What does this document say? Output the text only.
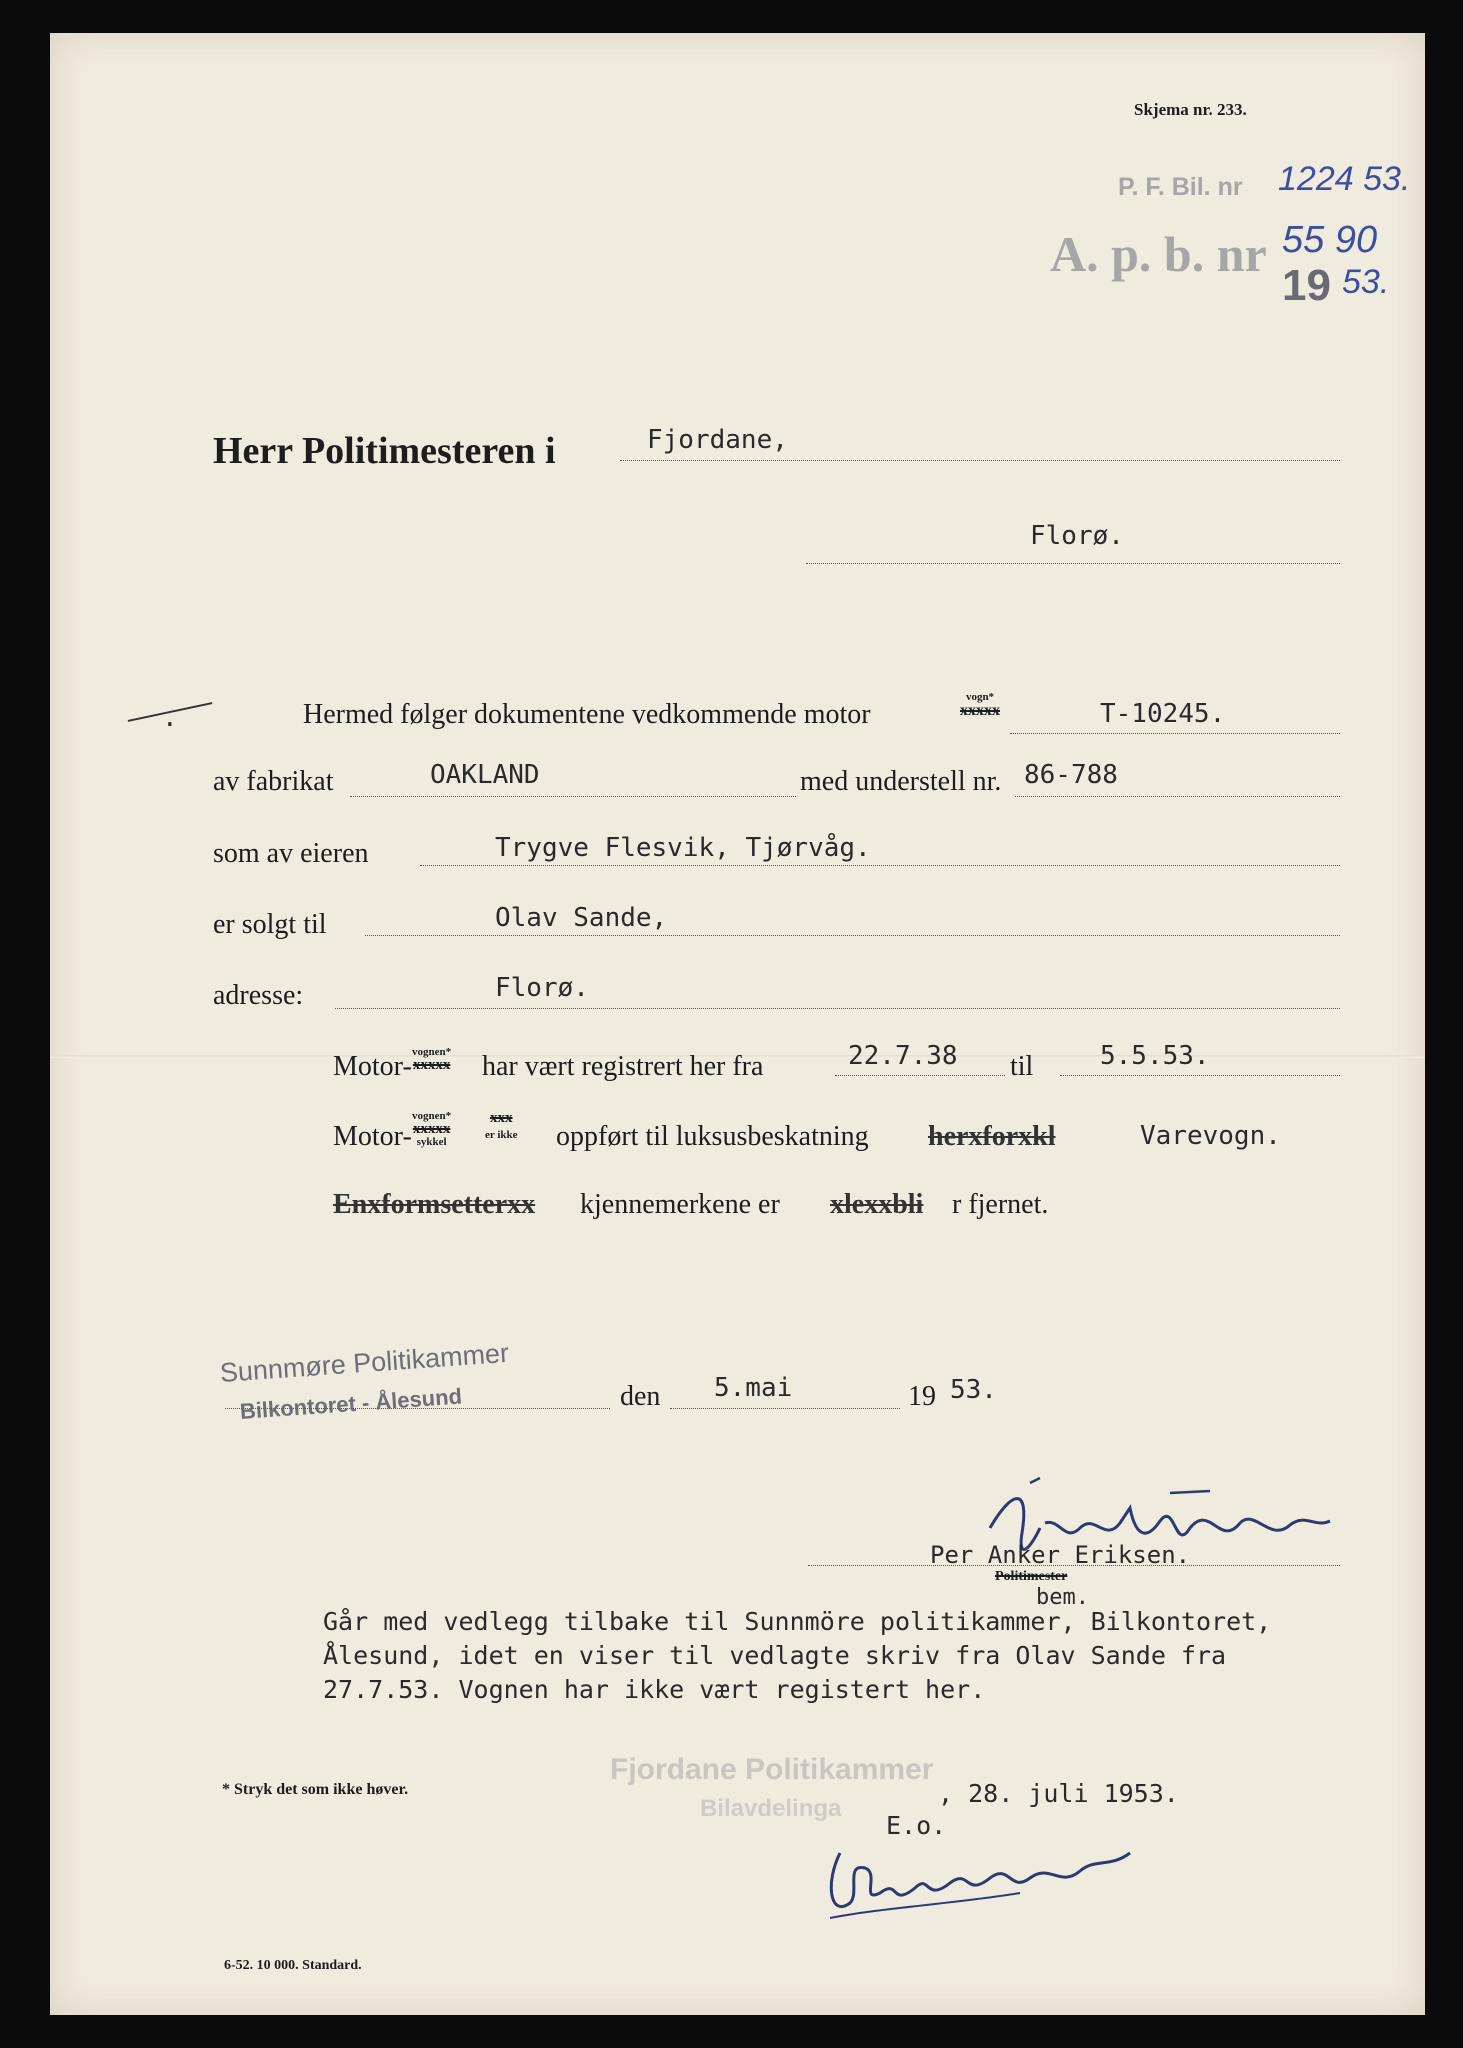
Skjema nr. 233.
P. F. Bil. nr 1224 53.
A. p. b. nr 55 90
19 53.
Herr Politimesteren i	Fjordane,
Florø.
.	Hermed følger dokumentene vedkommende motor
vogn*
xxxxx	T-10245.
av fabrikat	OAKLAND	med understell nr. 86-788
som av eieren	Trygve Flesvik, Tjørvåg.
er solgt til	Olav Sande,
adresse:	Florø.
Motor- vognen*
xxxxx har vært registrert her fra	22.7.38 til	5.5.53.
Motor-
vognen*
xxxxx
sykkel
xxx
er ikke oppført til luksusbeskatning herxforxkl	Varevogn.
Enxformsetterxx kjennemerkene er xlexxbli r fjernet.
Sunnmøre Politikammer
Bilkontoret - Ålesund	den 5.mai	19 53.
Per Anker Eriksen.
Politimester
bem.
Går med vedlegg tilbake til Sunnmöre politikammer, Bilkontoret,
Ålesund, idet en viser til vedlagte skriv fra Olav Sande fra
27.7.53. Vognen har ikke vært registert her.
Fjordane Politikammer
Bilavdelinga
, 28. juli 1953.
E.o.
* Stryk det som ikke høver.
6-52. 10 000. Standard.
